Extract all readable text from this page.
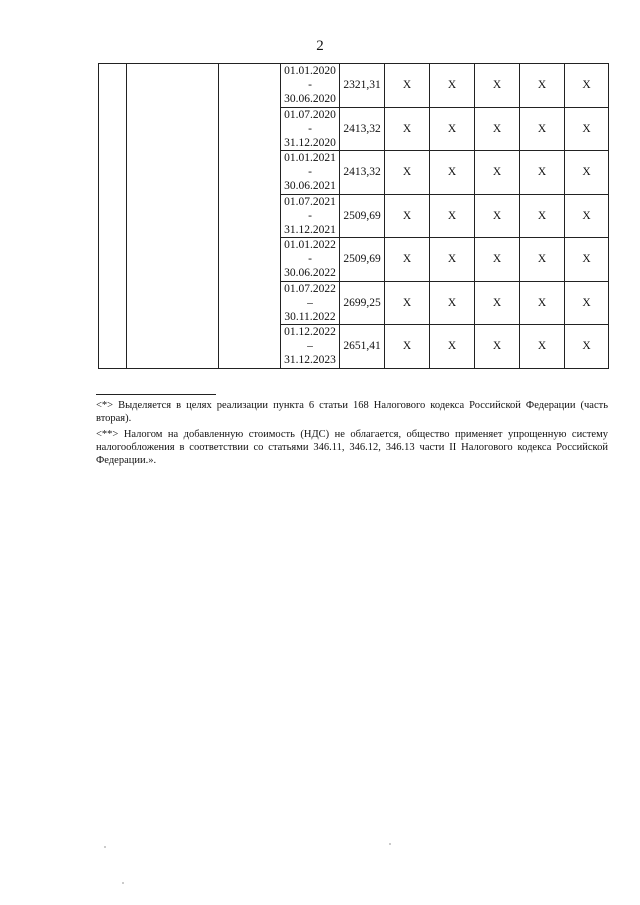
2

			01.01.2020
-
30.06.2020	2321,31	X	X	X	X	X

			01.07.2020
-
31.12.2020	2413,32	X	X	X	X	X

			01.01.2021
-
30.06.2021	2413,32	X	X	X	X	X

			01.07.2021
-
31.12.2021	2509,69	X	X	X	X	X

			01.01.2022
-
30.06.2022	2509,69	X	X	X	X	X

			01.07.2022
–
30.11.2022	2699,25	X	X	X	X	X

			01.12.2022
–
31.12.2023	2651,41	X	X	X	X	X

<*> Выделяется в целях реализации пункта 6 статьи 168 Налогового кодекса Российской Федерации (часть вторая).

<**> Налогом на добавленную стоимость (НДС) не облагается, общество применяет упрощенную систему налогообложения в соответствии со статьями 346.11, 346.12, 346.13 части II Налогового кодекса Российской Федерации.».
